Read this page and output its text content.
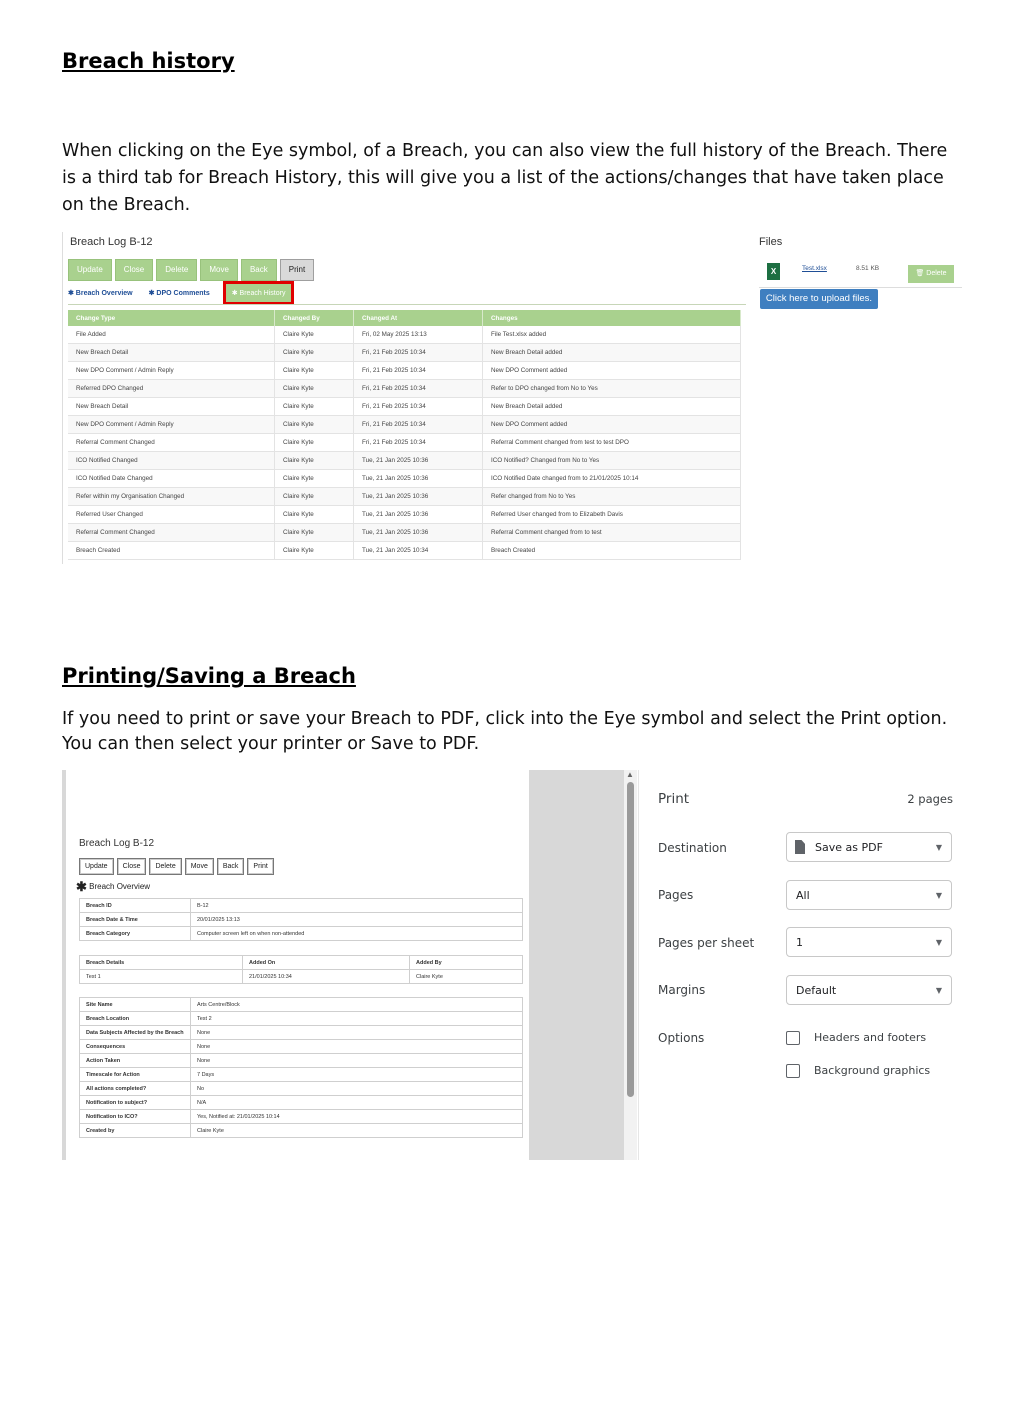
Breach history

When clicking on the Eye symbol, of a Breach, you can also view the full history of the Breach. There is a third tab for Breach History, this will give you a list of the actions/changes that have taken place on the Breach.

Breach Log B-12
Update	Close	Delete	Move	Back	Print
✱ Breach Overview ✱ DPO Comments	✱ Breach History
Change Type	Changed By	Changed At	Changes
File Added	Claire Kyte	Fri, 02 May 2025 13:13	File Test.xlsx added
New Breach Detail	Claire Kyte	Fri, 21 Feb 2025 10:34	New Breach Detail added
New DPO Comment / Admin Reply	Claire Kyte	Fri, 21 Feb 2025 10:34	New DPO Comment added
Referred DPO Changed	Claire Kyte	Fri, 21 Feb 2025 10:34	Refer to DPO changed from No to Yes
New Breach Detail	Claire Kyte	Fri, 21 Feb 2025 10:34	New Breach Detail added
New DPO Comment / Admin Reply	Claire Kyte	Fri, 21 Feb 2025 10:34	New DPO Comment added
Referral Comment Changed	Claire Kyte	Fri, 21 Feb 2025 10:34	Referral Comment changed from test to test DPO
ICO Notified Changed	Claire Kyte	Tue, 21 Jan 2025 10:36	ICO Notified? Changed from No to Yes
ICO Notified Date Changed	Claire Kyte	Tue, 21 Jan 2025 10:36	ICO Notified Date changed from to 21/01/2025 10:14
Refer within my Organisation Changed	Claire Kyte	Tue, 21 Jan 2025 10:36	Refer changed from No to Yes
Referred User Changed	Claire Kyte	Tue, 21 Jan 2025 10:36	Referred User changed from to Elizabeth Davis
Referral Comment Changed	Claire Kyte	Tue, 21 Jan 2025 10:36	Referral Comment changed from to test
Breach Created	Claire Kyte	Tue, 21 Jan 2025 10:34	Breach Created
Files
X	Test.xlsx	8.51 KB
🗑 Delete
Click here to upload files.
Printing/Saving a Breach

If you need to print or save your Breach to PDF, click into the Eye symbol and select the Print option. You can then select your printer or Save to PDF.

Breach Log B-12
Update	Close	Delete	Move	Back	Print
✱ Breach Overview
Breach ID	B-12
Breach Date & Time	20/01/2025 13:13
Breach Category	Computer screen left on when non-attended
Breach Details	Added On	Added By
Test 1	21/01/2025 10:34	Claire Kyte
Site Name	Arts Centre/Block
Breach Location	Test 2
Data Subjects Affected by the Breach	None
Consequences	None
Action Taken	None
Timescale for Action	7 Days
All actions completed?	No
Notification to subject?	N/A
Notification to ICO?	Yes, Notified at: 21/01/2025 10:14
Created by	Claire Kyte
▲
Print	2 pages
Destination	Save as PDF	▼
Pages	All	▼
Pages per sheet	1	▼
Margins	Default	▼
Options	Headers and footers
Background graphics
